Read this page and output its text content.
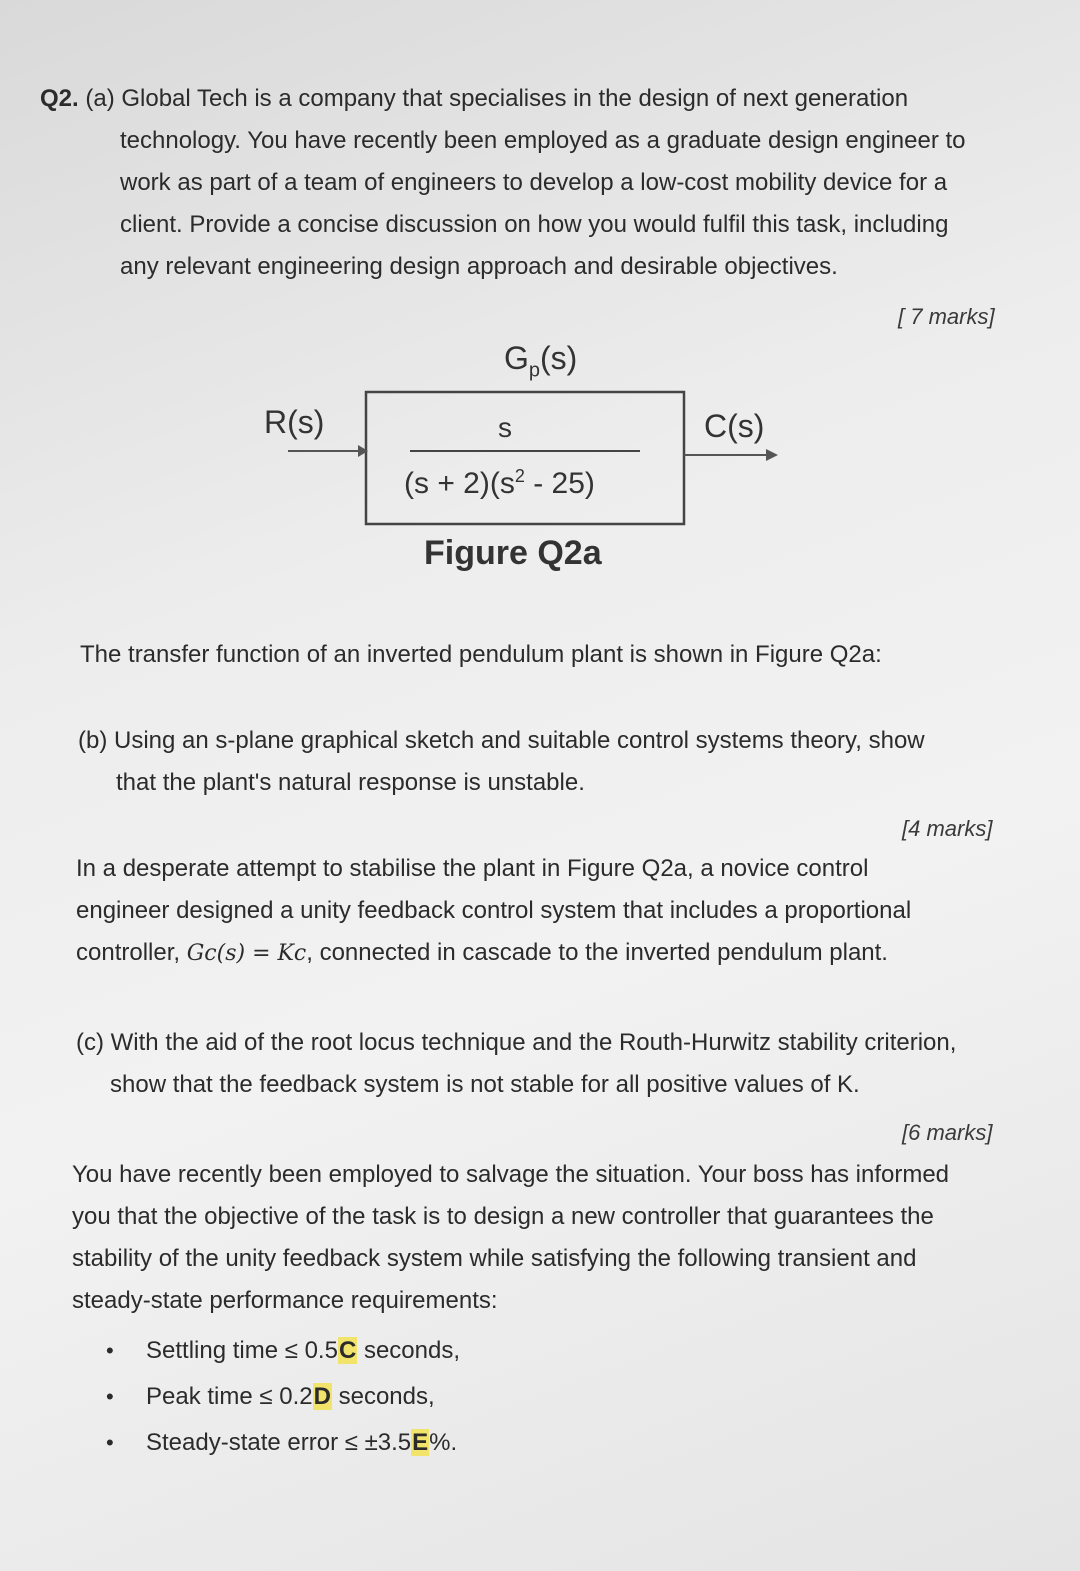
Q2. (a) Global Tech is a company that specialises in the design of next generation
technology. You have recently been employed as a graduate design engineer to
work as part of a team of engineers to develop a low-cost mobility device for a
client. Provide a concise discussion on how you would fulfil this task, including
any relevant engineering design approach and desirable objectives.
[ 7 marks]
$G_p(s)$
R(s)	C(s)
s
$(s + 2)(s^2 - 25)$
Figure Q2a
The transfer function of an inverted pendulum plant is shown in Figure Q2a:
(b) Using an s-plane graphical sketch and suitable control systems theory, show
that the plant's natural response is unstable.
[4 marks]
In a desperate attempt to stabilise the plant in Figure Q2a, a novice control
engineer designed a unity feedback control system that includes a proportional
controller, Gc(s) = Kc, connected in cascade to the inverted pendulum plant.
(c) With the aid of the root locus technique and the Routh-Hurwitz stability criterion,
show that the feedback system is not stable for all positive values of K.
[6 marks]
You have recently been employed to salvage the situation. Your boss has informed
you that the objective of the task is to design a new controller that guarantees the
stability of the unity feedback system while satisfying the following transient and
steady-state performance requirements:
• Settling time ≤ 0.5C seconds,
• Peak time ≤ 0.2D seconds,
• Steady-state error ≤ ±3.5E%.
